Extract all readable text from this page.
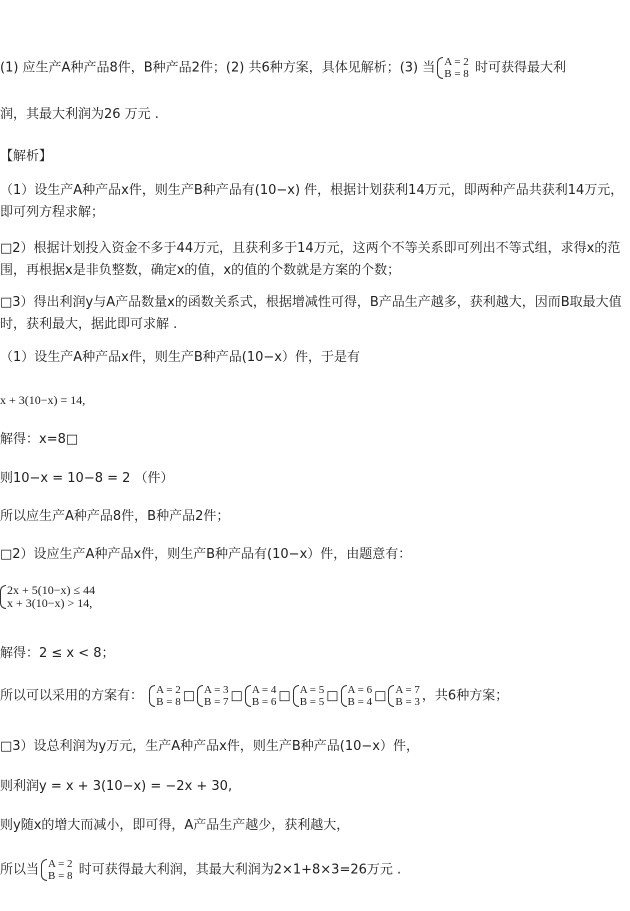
(1) 应生产A种产品8件，B种产品2件；(2) 共6种方案，具体见解析；(3) 当 A = 2
B = 8 时可获得最大利
润，其最大利润为26 万元 .
【解析】
（1）设生产A种产品x件，则生产B种产品有(10−x) 件，根据计划获利14万元，即两种产品共获利14万元，即可列方程求解；
□2）根据计划投入资金不多于44万元，且获利多于14万元，这两个不等关系即可列出不等式组，求得x的范围，再根据x是非负整数，确定x的值，x的值的个数就是方案的个数；
□3）得出利润y与A产品数量x的函数关系式，根据增减性可得，B产品生产越多，获利越大，因而B取最大值时，获利最大，据此即可求解 .
（1）设生产A种产品x件，则生产B种产品(10−x）件，于是有
x + 3(10−x) = 14,
解得：x=8□
则10−x = 10−8 = 2 （件）
所以应生产A种产品8件，B种产品2件；
□2）设应生产A种产品x件，则生产B种产品有(10−x）件，由题意有：
2x + 5(10−x) ≤ 44
x + 3(10−x) > 14,
解得：2 ≤ x < 8；
所以可以采用的方案有： A = 2
B = 8 □ A = 3
B = 7 □ A = 4
B = 6 □ A = 5
B = 5 □ A = 6
B = 4 □ A = 7
B = 3 ，共6种方案；
□3）设总利润为y万元，生产A种产品x件，则生产B种产品(10−x）件，
则利润y = x + 3(10−x) = −2x + 30,
则y随x的增大而减小，即可得，A产品生产越少，获利越大，
所以当 A = 2
B = 8 时可获得最大利润，其最大利润为2×1+8×3=26万元 .
